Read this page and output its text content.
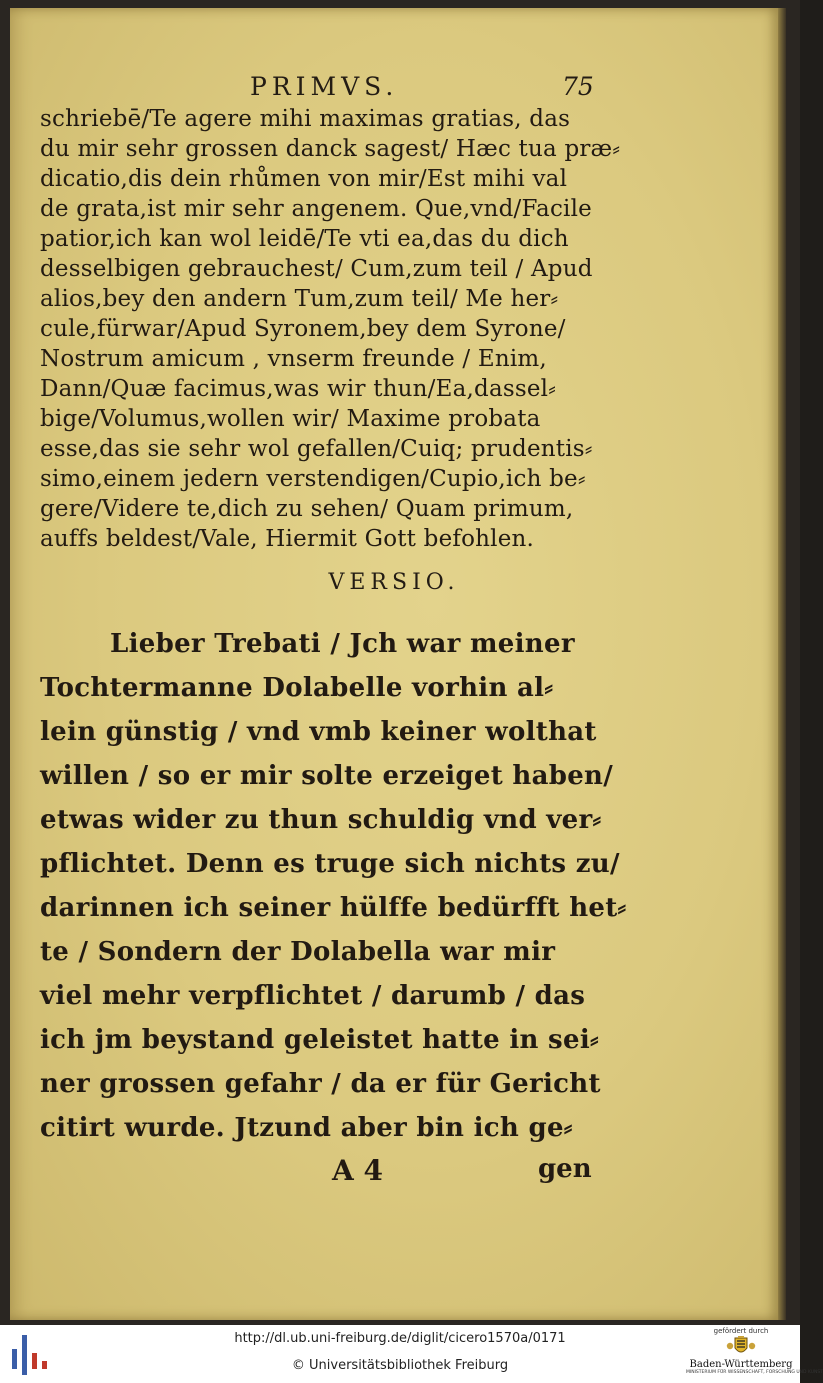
PRIMVS.	75
schriebē/Te agere mihi maximas gratias, das
du mir sehr grossen danck sagest/ Hæc tua præ⸗
dicatio,dis dein rhůmen von mir/Est mihi val
de grata,ist mir sehr angenem. Que,vnd/Facile
patior,ich kan wol leidē/Te vti ea,das du dich
desselbigen gebrauchest/ Cum,zum teil / Apud
alios,bey den andern Tum,zum teil/ Me her⸗
cule,fürwar/Apud Syronem,bey dem Syrone/
Nostrum amicum , vnserm freunde / Enim,
Dann/Quæ facimus,was wir thun/Ea,dassel⸗
bige/Volumus,wollen wir/ Maxime probata
esse,das sie sehr wol gefallen/Cuiq; prudentis⸗
simo,einem jedern verstendigen/Cupio,ich be⸗
gere/Videre te,dich zu sehen/ Quam primum,
auffs beldest/Vale, Hiermit Gott befohlen.
VERSIO.
Lieber Trebati / Jch war meiner
Tochtermanne Dolabelle vorhin al⸗
lein günstig / vnd vmb keiner wolthat
willen / so er mir solte erzeiget haben/
etwas wider zu thun schuldig vnd ver⸗
pflichtet. Denn es truge sich nichts zu/
darinnen ich seiner hülffe bedürfft het⸗
te / Sondern der Dolabella war mir
viel mehr verpflichtet / darumb / das
ich jm beystand geleistet hatte in sei⸗
ner grossen gefahr / da er für Gericht
citirt wurde. Jtzund aber bin ich ge⸗
A 4	gen
http://dl.ub.uni-freiburg.de/diglit/cicero1570a/0171
© Universitätsbibliothek Freiburg
gefördert durch
Baden-Württemberg
MINISTERIUM FÜR WISSENSCHAFT, FORSCHUNG UND KUNST
